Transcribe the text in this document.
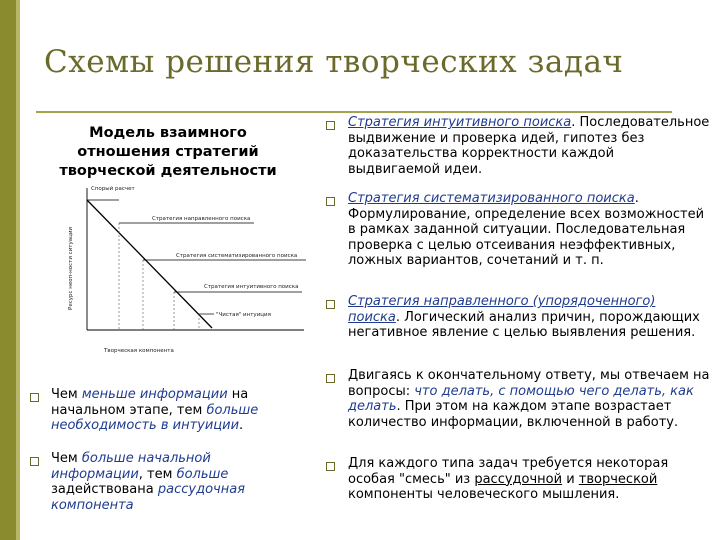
Схемы решения творческих задач
Модель взаимного отношения стратегий творческой деятельности
Спорый расчет
Стратегия направленного поиска
Стратегия систематизированного поиска
Стратегия интуитивного поиска
"Чистая" интуиция
Творческая компонента
Ресурс неоп-ности ситуации
Чем меньше информации на начальном этапе, тем больше необходимость в интуиции.
Чем больше начальной информации, тем больше задействована рассудочная компонента
Стратегия интуитивного поиска. Последовательное выдвижение и проверка идей, гипотез без доказательства корректности каждой выдвигаемой идеи.
Стратегия систематизированного поиска. Формулирование, определение всех возможностей в рамках заданной ситуации. Последовательная проверка с целью отсеивания неэффективных, ложных вариантов, сочетаний и т. п.
Стратегия направленного (упорядоченного) поиска. Логический анализ причин, порождающих негативное явление с целью выявления решения.
Двигаясь к окончательному ответу, мы отвечаем на вопросы: что делать, с помощью чего делать, как делать. При этом на каждом этапе возрастает количество информации, включенной в работу.
Для каждого типа задач требуется некоторая особая "смесь" из рассудочной и творческой компоненты человеческого мышления.
